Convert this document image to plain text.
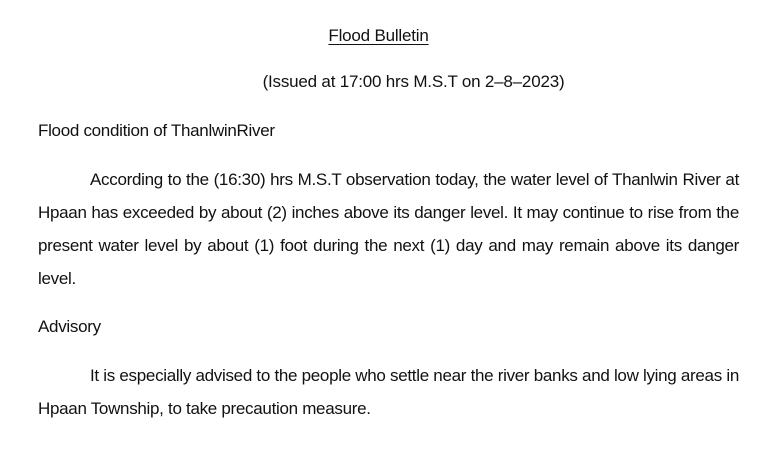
Flood Bulletin
(Issued at 17:00 hrs M.S.T on 2–8–2023)
Flood condition of ThanlwinRiver
According to the (16:30) hrs M.S.T observation today, the water level of Thanlwin River at Hpaan has exceeded by about (2) inches above its danger level. It may continue to rise from the present water level by about (1) foot during the next (1) day and may remain above its danger level.
Advisory
It is especially advised to the people who settle near the river banks and low lying areas in Hpaan Township, to take precaution measure.
